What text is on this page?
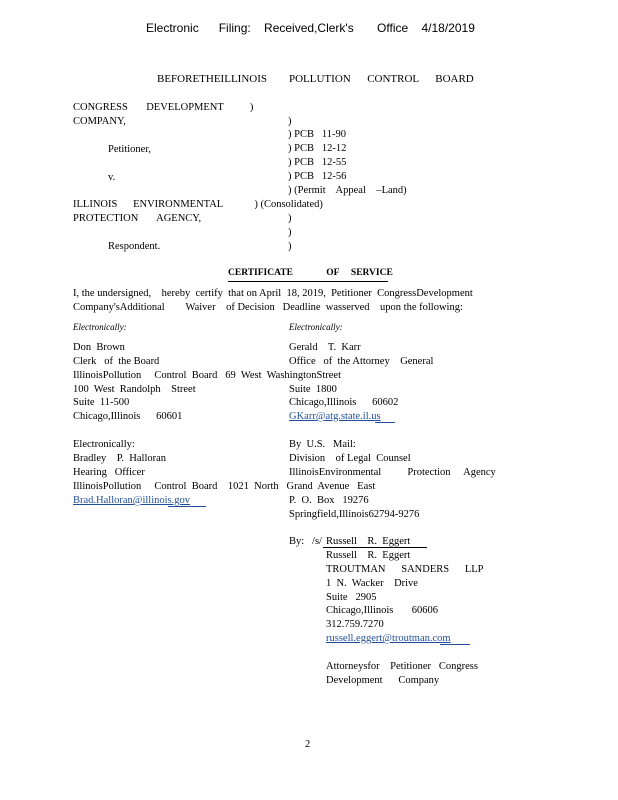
Electronic      Filing:    Received,Clerk's       Office    4/18/2019
BEFORETHEILLINOIS        POLLUTION      CONTROL      BOARD
CONGRESS       DEVELOPMENT          )
COMPANY,
Petitioner,
v.
ILLINOIS      ENVIRONMENTAL            ) (Consolidated)
PROTECTION       AGENCY,
Respondent.
)
) PCB   11-90
) PCB   12-12
) PCB   12-55
) PCB   12-56
) (Permit    Appeal    –Land)
)
)
)
CERTIFICATE              OF     SERVICE
I, the undersigned,    hereby  certify  that on April  18, 2019,  Petitioner  CongressDevelopment
Company'sAdditional        Waiver    of Decision   Deadline  wasserved    upon the following:
Electronically:
Don  Brown
Clerk   of  the Board
IllinoisPollution     Control  Board   69  West  WashingtonStreet
100  West  Randolph    Street
Suite  11-500
Chicago,Illinois      60601
Electronically:
Bradley    P.  Halloran
Hearing   Officer
IllinoisPollution     Control  Board    1021  North   Grand  Avenue   East
Brad.Halloran@illinois.gov
Electronically:
Gerald    T.  Karr
Office   of  the Attorney    General
Suite  1800
Chicago,Illinois      60602
GKarr@atg.state.il.us
By  U.S.   Mail:
Division    of Legal  Counsel
IllinoisEnvironmental          Protection     Agency
P.  O.  Box   19276
Springfield,Illinois62794-9276
By:   /s/ Russell    R.  Eggert
Russell    R.  Eggert
TROUTMAN      SANDERS      LLP
1  N.  Wacker    Drive
Suite   2905
Chicago,Illinois       60606
312.759.7270
russell.eggert@troutman.com
Attorneysfor    Petitioner   Congress
Development      Company
2
